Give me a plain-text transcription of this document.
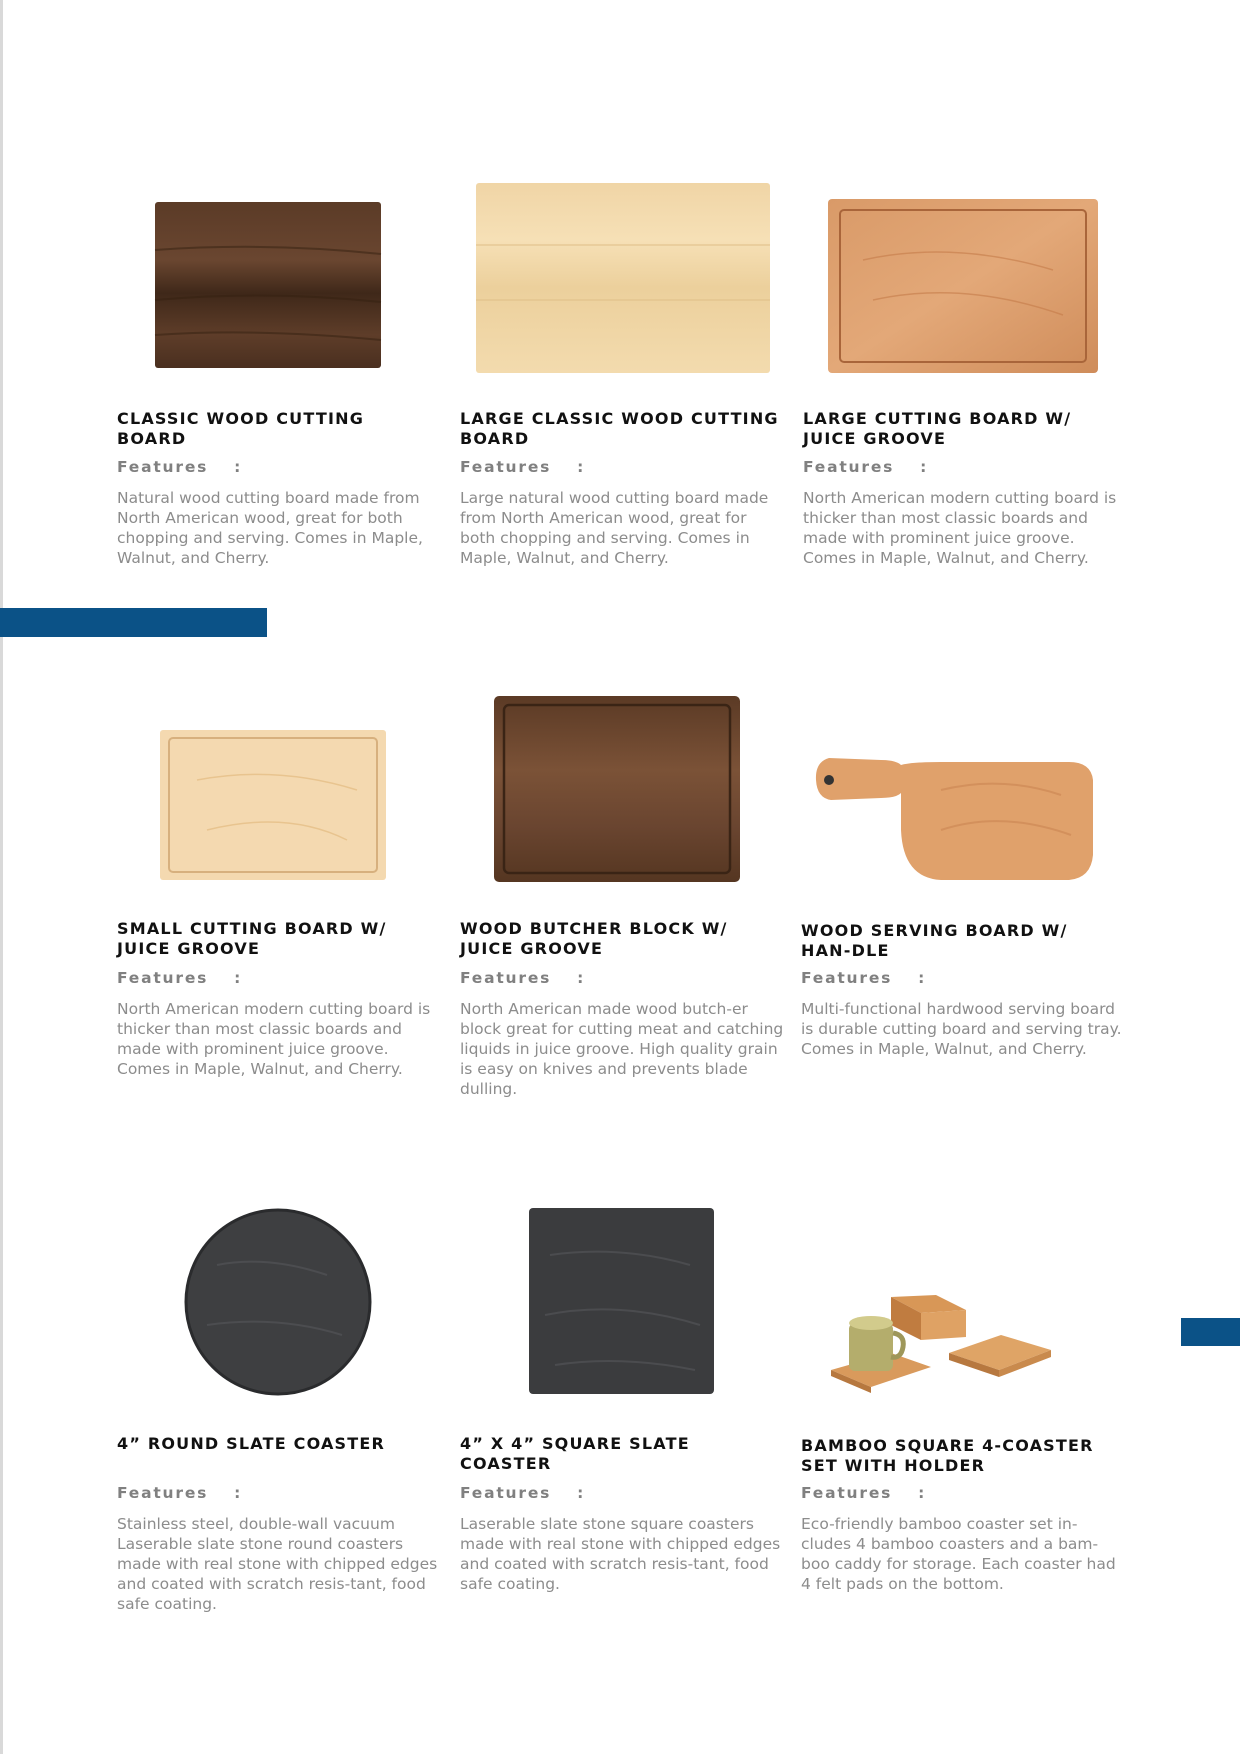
CLASSIC WOOD CUTTING BOARD
Features :
Natural wood cutting board made from North American wood, great for both chopping and serving. Comes in Maple, Walnut, and Cherry.
LARGE CLASSIC WOOD CUTTING BOARD
Features :
Large natural wood cutting board made from North American wood, great for both chopping and serving. Comes in Maple, Walnut, and Cherry.
LARGE CUTTING BOARD W/ JUICE GROOVE
Features :
North American modern cutting board is thicker than most classic boards and made with prominent juice groove. Comes in Maple, Walnut, and Cherry.
SMALL CUTTING BOARD W/ JUICE GROOVE
Features :
North American modern cutting board is thicker than most classic boards and made with prominent juice groove. Comes in Maple, Walnut, and Cherry.
WOOD BUTCHER BLOCK W/ JUICE GROOVE
Features :
North American made wood butch-er block great for cutting meat and catching liquids in juice groove. High quality grain is easy on knives and prevents blade dulling.
WOOD SERVING BOARD W/ HAN-DLE
Features :
Multi-functional hardwood serving board is durable cutting board and serving tray. Comes in Maple, Walnut, and Cherry.
4” ROUND SLATE COASTER
Features :
Stainless steel, double-wall vacuum Laserable slate stone round coasters made with real stone with chipped edges and coated with scratch resis-tant, food safe coating.
4” X 4” SQUARE SLATE COASTER
Features :
Laserable slate stone square coasters made with real stone with chipped edges and coated with scratch resis-tant, food safe coating.
BAMBOO SQUARE 4-COASTER SET WITH HOLDER
Features :
Eco-friendly bamboo coaster set in-cludes 4 bamboo coasters and a bam-boo caddy for storage. Each coaster had 4 felt pads on the bottom.
